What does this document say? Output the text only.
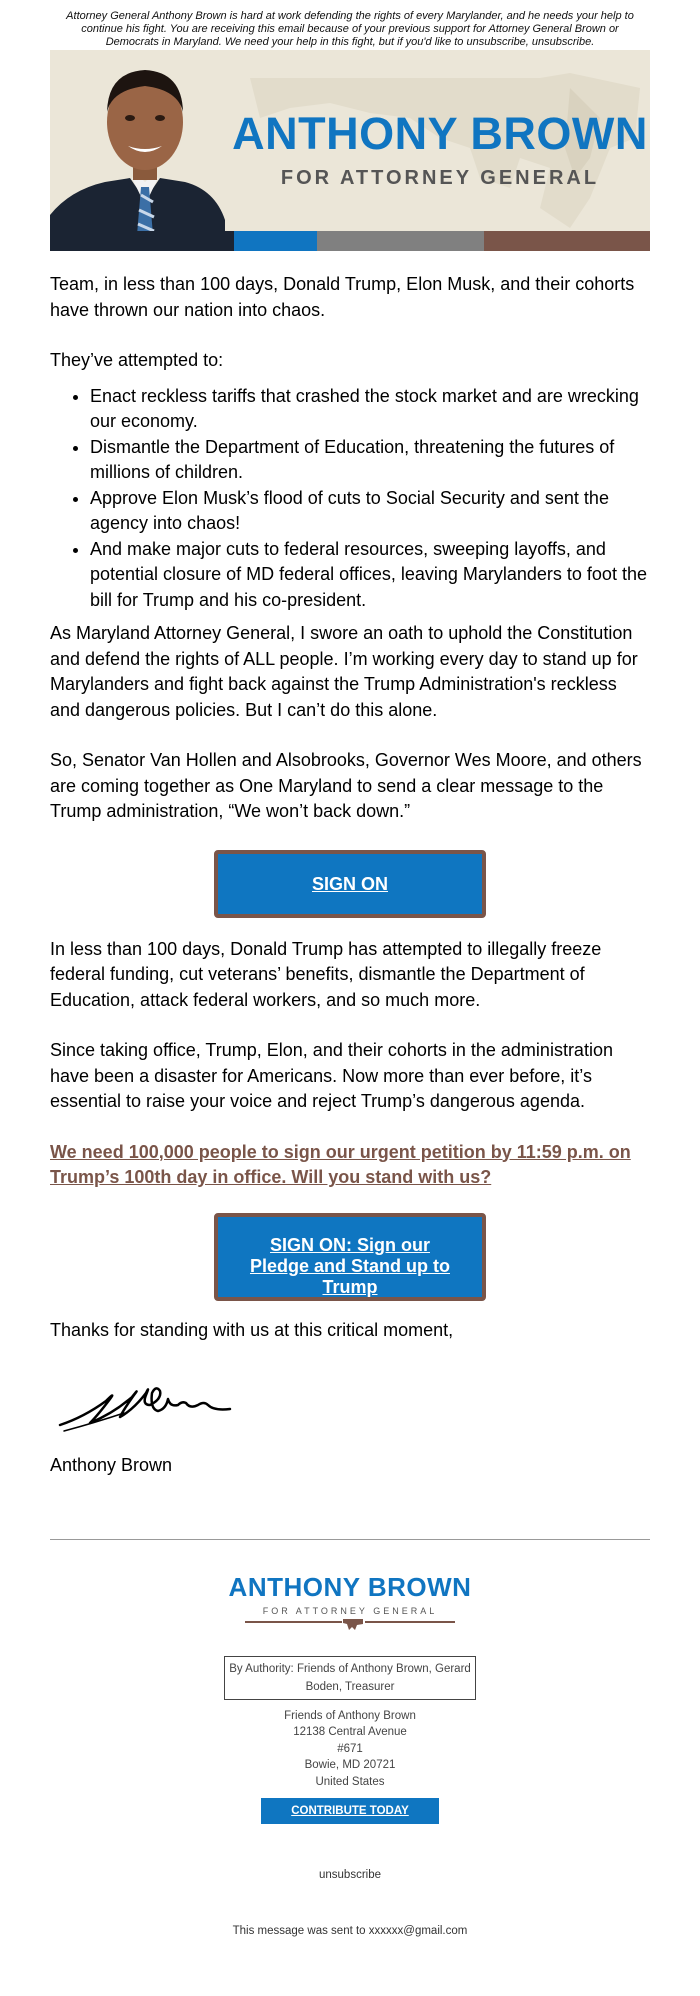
Attorney General Anthony Brown is hard at work defending the rights of every Marylander, and he needs your help to continue his fight. You are receiving this email because of your previous support for Attorney General Brown or Democrats in Maryland. We need your help in this fight, but if you'd like to unsubscribe, unsubscribe.
ANTHONY BROWN
FOR ATTORNEY GENERAL

Team, in less than 100 days, Donald Trump, Elon Musk, and their cohorts have thrown our nation into chaos.

They’ve attempted to:

• Enact reckless tariffs that crashed the stock market and are wrecking our economy.
• Dismantle the Department of Education, threatening the futures of millions of children.
• Approve Elon Musk’s flood of cuts to Social Security and sent the agency into chaos!
• And make major cuts to federal resources, sweeping layoffs, and potential closure of MD federal offices, leaving Marylanders to foot the bill for Trump and his co-president.

As Maryland Attorney General, I swore an oath to uphold the Constitution and defend the rights of ALL people. I’m working every day to stand up for Marylanders and fight back against the Trump Administration's reckless and dangerous policies. But I can’t do this alone.

So, Senator Van Hollen and Alsobrooks, Governor Wes Moore, and others are coming together as One Maryland to send a clear message to the Trump administration, “We won’t back down.”

SIGN ON

In less than 100 days, Donald Trump has attempted to illegally freeze federal funding, cut veterans’ benefits, dismantle the Department of Education, attack federal workers, and so much more.

Since taking office, Trump, Elon, and their cohorts in the administration have been a disaster for Americans. Now more than ever before, it’s essential to raise your voice and reject Trump’s dangerous agenda.

We need 100,000 people to sign our urgent petition by 11:59 p.m. on Trump’s 100th day in office. Will you stand with us?

SIGN ON: Sign our Pledge and Stand up to Trump

Thanks for standing with us at this critical moment,

Anthony Brown

ANTHONY BROWN
FOR ATTORNEY GENERAL
By Authority: Friends of Anthony Brown, Gerard Boden, Treasurer
Friends of Anthony Brown
12138 Central Avenue
#671
Bowie, MD 20721
United States
CONTRIBUTE TODAY
unsubscribe
This message was sent to xxxxxx@gmail.com
